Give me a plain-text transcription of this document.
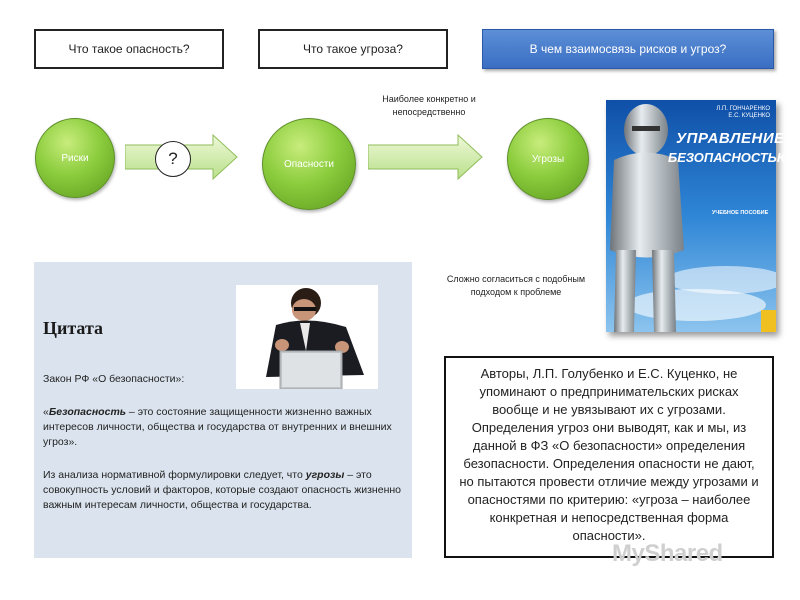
Что такое опасность?	Что такое угроза?	В чем взаимосвязь рисков и угроз?
Риски	?	Опасности
Наиболее конкретно и непосредственно
Угрозы
Л.П. ГОНЧАРЕНКО
Е.С. КУЦЕНКО
УПРАВЛЕНИЕ
БЕЗОПАСНОСТЬЮ
УЧЕБНОЕ ПОСОБИЕ
Цитата
Закон РФ «О безопасности»:
«Безопасность – это состояние защищенности жизненно важных интересов личности, общества и государства от внутренних и внешних угроз».
Из анализа нормативной формулировки следует, что угрозы – это совокупность условий и факторов, которые создают опасность жизненно важным интересам личности, общества и государства.
Сложно согласиться с подобным подходом к проблеме
Авторы, Л.П. Голубенко и Е.С. Куценко, не упоминают о предпринимательских рисках вообще и не увязывают их с угрозами. Определения угроз они выводят, как и мы, из данной в ФЗ «О безопасности» определения безопасности. Определения опасности не дают, но пытаются провести отличие между угрозами и опасностями по критерию: «угроза – наиболее конкретная и непосредственная форма опасности».
MyShared
